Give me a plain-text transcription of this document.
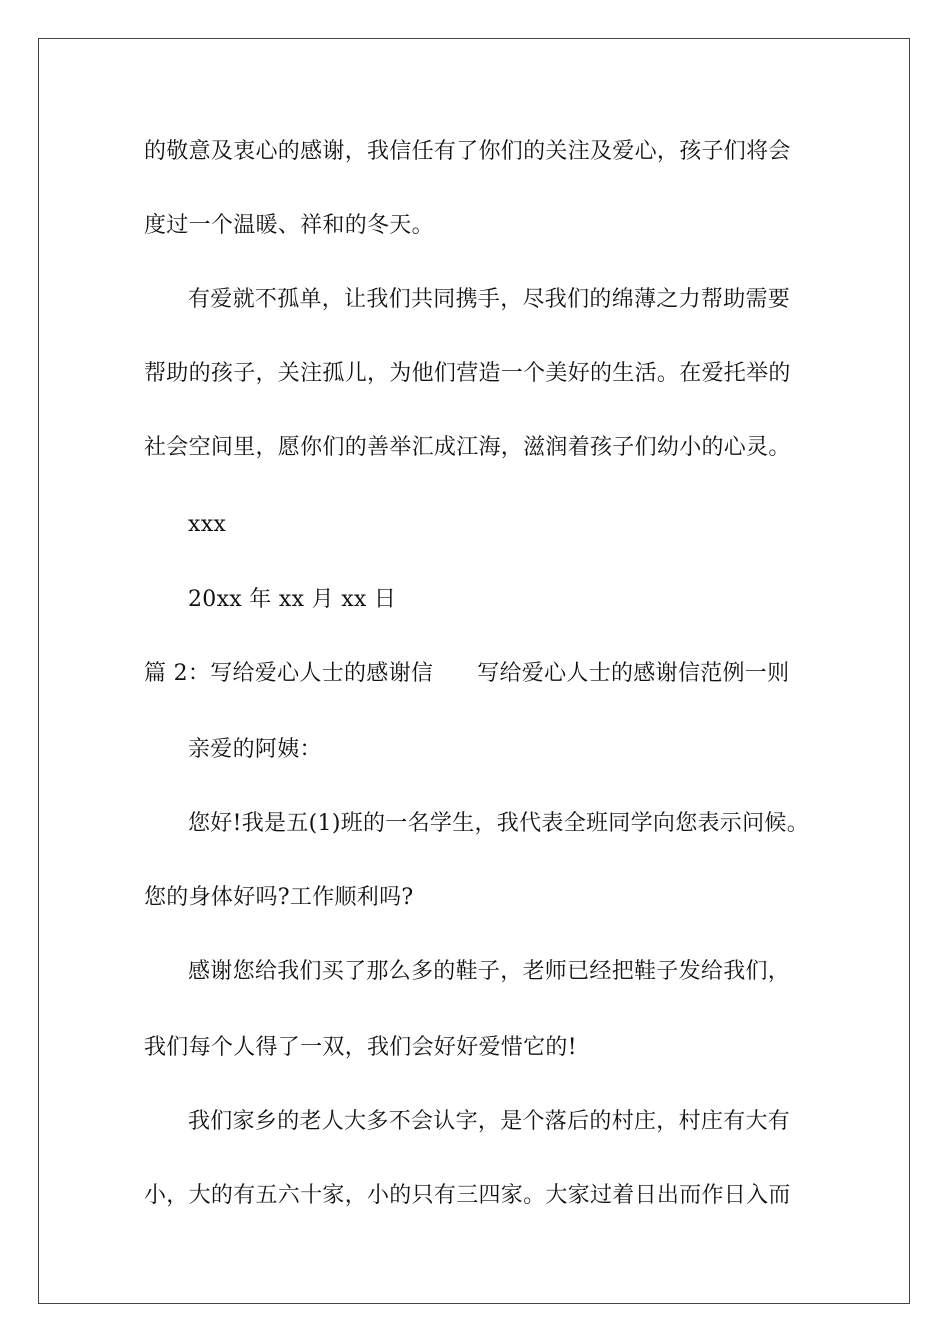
的敬意及衷心的感谢，我信任有了你们的关注及爱心，孩子们将会
度过一个温暖、祥和的冬天。
有爱就不孤单，让我们共同携手，尽我们的绵薄之力帮助需要
帮助的孩子，关注孤儿，为他们营造一个美好的生活。在爱托举的
社会空间里，愿你们的善举汇成江海，滋润着孩子们幼小的心灵。
xxx
20xx 年 xx 月 xx 日
篇 2：写给爱心人士的感谢信 写给爱心人士的感谢信范例一则
亲爱的阿姨：
您好!我是五(1)班的一名学生，我代表全班同学向您表示问候。
您的身体好吗?工作顺利吗?
感谢您给我们买了那么多的鞋子，老师已经把鞋子发给我们，
我们每个人得了一双，我们会好好爱惜它的!
我们家乡的老人大多不会认字，是个落后的村庄，村庄有大有
小，大的有五六十家，小的只有三四家。大家过着日出而作日入而
